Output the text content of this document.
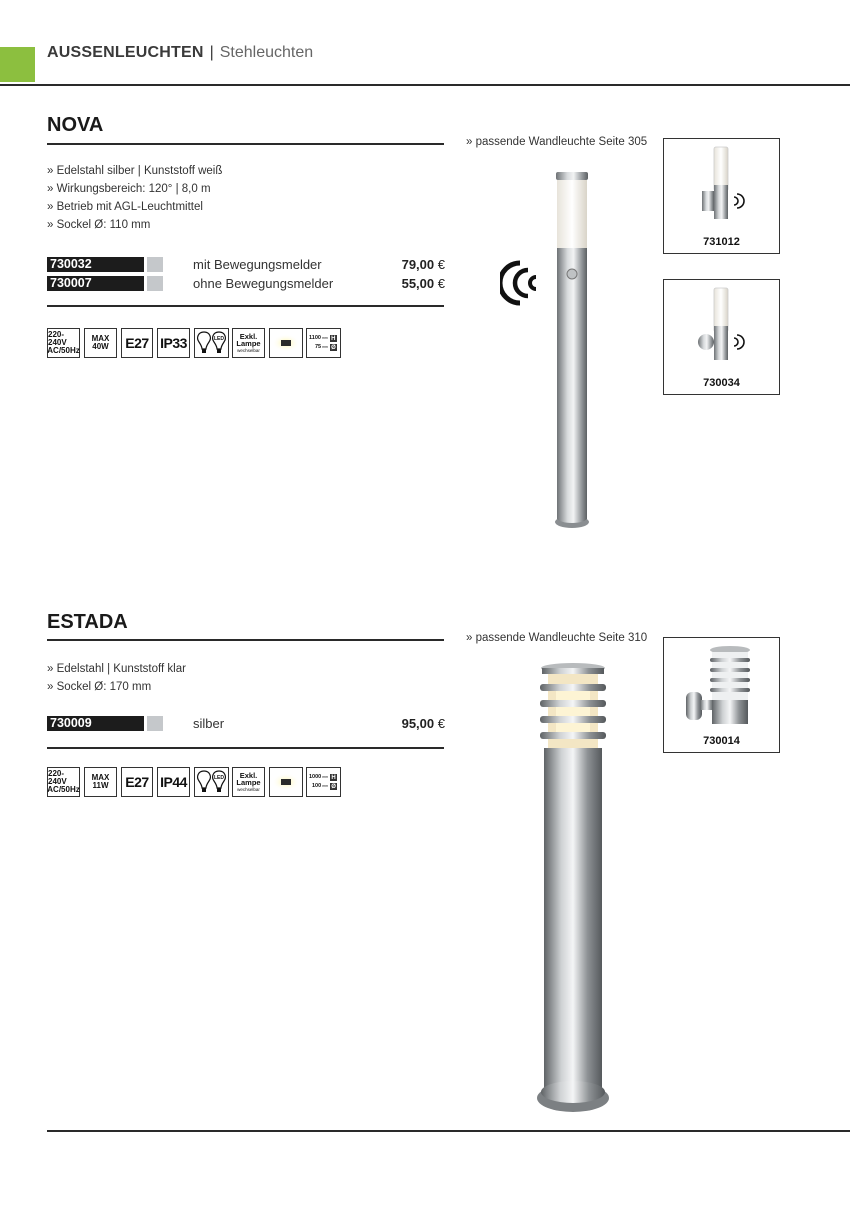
AUSSENLEUCHTEN | Stehleuchten
NOVA
» Edelstahl silber | Kunststoff weiß
» Wirkungsbereich: 120° | 8,0 m
» Betrieb mit AGL-Leuchtmittel
» Sockel Ø: 110 mm
730032	mit Bewegungsmelder	79,00 €
730007	ohne Bewegungsmelder	55,00 €
220-240V
AC/50Hz
MAX
40W E27 IP33	LED Exkl.
Lampe
wechselbar
1100 mm H
75 mm Ø
» passende Wandleuchte Seite 305
731012
730034
ESTADA
» Edelstahl | Kunststoff klar
» Sockel Ø: 170 mm
730009	silber	95,00 €
220-240V
AC/50Hz
MAX
11W E27 IP44	LED Exkl.
Lampe
wechselbar
1000 mm H
100 mm Ø
» passende Wandleuchte Seite 310
730014
